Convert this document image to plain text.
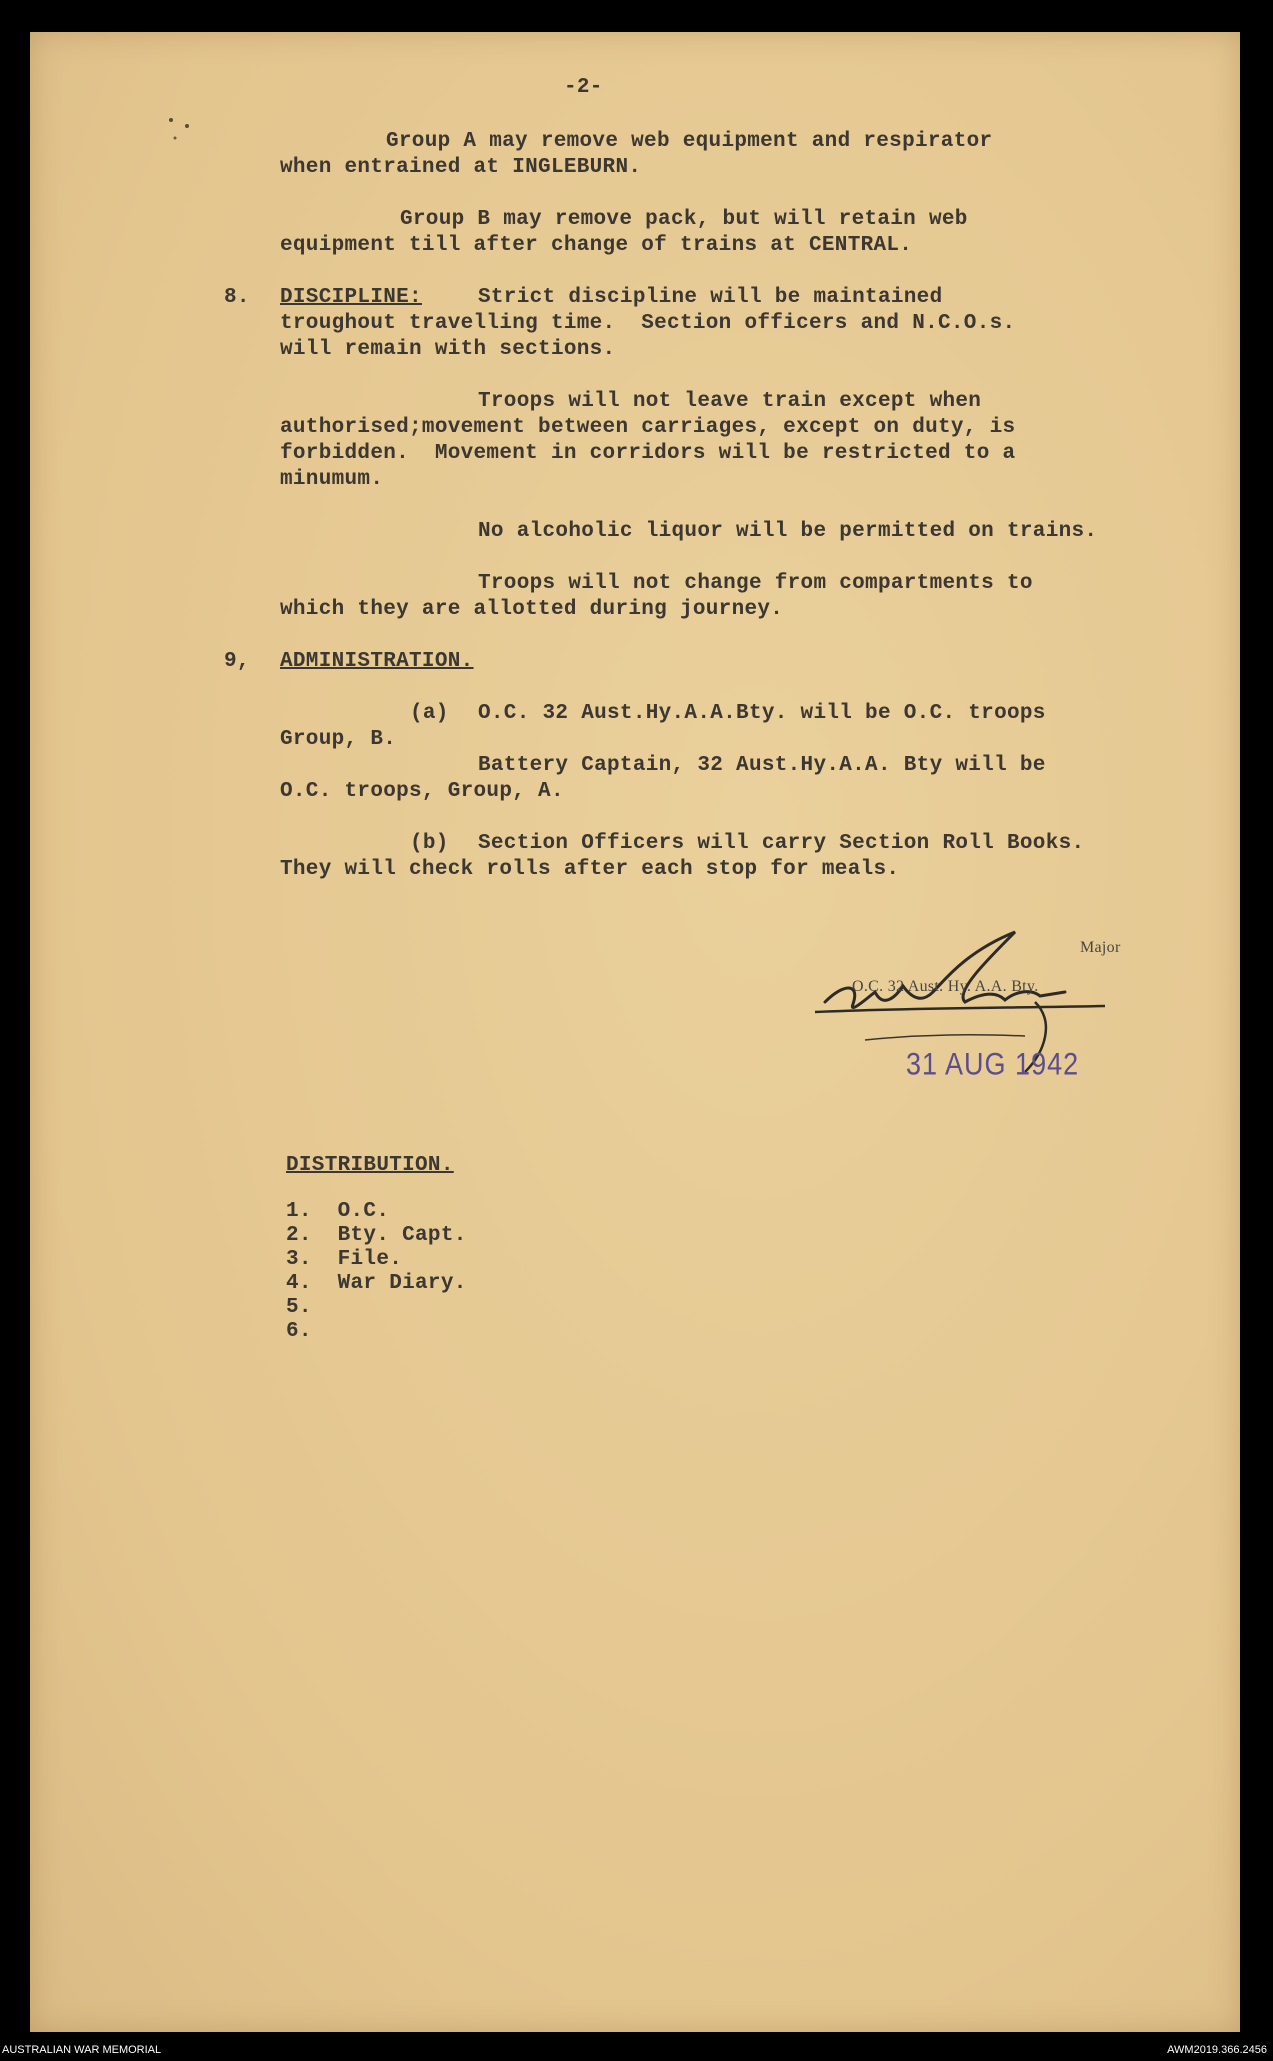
-2-
Group A may remove web equipment and respirator
when entrained at INGLEBURN.
Group B may remove pack, but will retain web
equipment till after change of trains at CENTRAL.
8. DISCIPLINE:	Strict discipline will be maintained
troughout travelling time.  Section officers and N.C.O.s.
will remain with sections.
Troops will not leave train except when
authorised;movement between carriages, except on duty, is
forbidden.  Movement in corridors will be restricted to a
minumum.
No alcoholic liquor will be permitted on trains.
Troops will not change from compartments to
which they are allotted during journey.
9, ADMINISTRATION.
(a) O.C. 32 Aust.Hy.A.A.Bty. will be O.C. troops
Group, B.
Battery Captain, 32 Aust.Hy.A.A. Bty will be
O.C. troops, Group, A.
(b) Section Officers will carry Section Roll Books.
They will check rolls after each stop for meals.
Major
O.C. 32 Aust. Hy. A.A. Bty.
31 AUG 1942
DISTRIBUTION.
1.  O.C.
2.  Bty. Capt.
3.  File.
4.  War Diary.
5.
6.
AUSTRALIAN WAR MEMORIAL	AWM2019.366.2456
